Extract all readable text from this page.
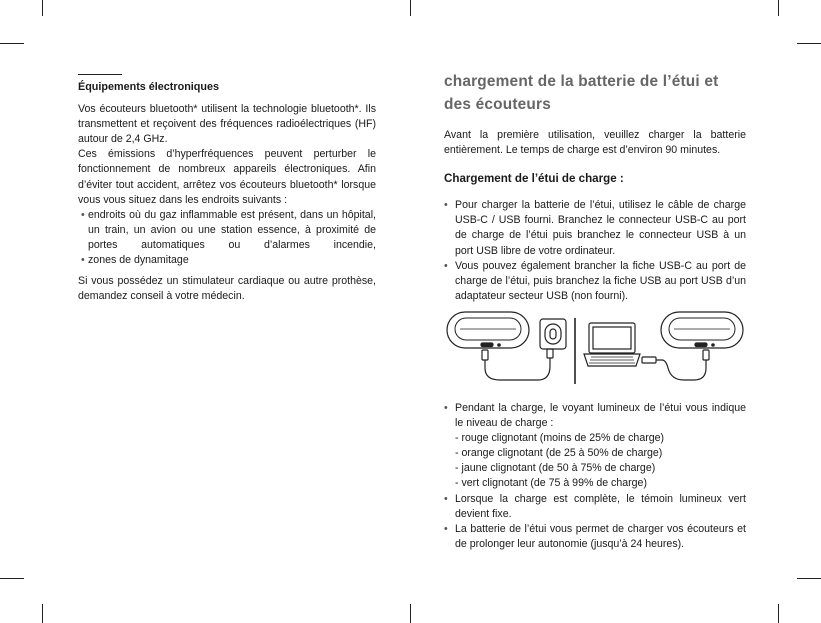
Équipements électroniques

Vos écouteurs bluetooth* utilisent la technologie bluetooth*. Ils transmettent et reçoivent des fréquences radioélectriques (HF) autour de 2,4 GHz.

Ces émissions d’hyperfréquences peuvent perturber le fonctionnement de nombreux appareils électroniques. Afin d’éviter tout accident, arrêtez vos écouteurs bluetooth* lorsque vous vous situez dans les endroits suivants :

• endroits où du gaz inflammable est présent, dans un hôpital, un train, un avion ou une station essence, à proximité de portes automatiques ou d’alarmes incendie,
• zones de dynamitage

Si vous possédez un stimulateur cardiaque ou autre prothèse, demandez conseil à votre médecin.

chargement de la batterie de l’étui et des écouteurs

Avant la première utilisation, veuillez charger la batterie entièrement. Le temps de charge est d’environ 90 minutes.

Chargement de l’étui de charge :
• Pour charger la batterie de l’étui, utilisez le câble de charge USB-C / USB fourni. Branchez le connecteur USB-C au port de charge de l’étui puis branchez le connecteur USB à un port USB libre de votre ordinateur.

• Vous pouvez également brancher la fiche USB-C au port de charge de l’étui, puis branchez la fiche USB au port USB d’un adaptateur secteur USB (non fourni).

• Pendant la charge, le voyant lumineux de l’étui vous indique le niveau de charge :

- rouge clignotant (moins de 25% de charge)
- orange clignotant (de 25 à 50% de charge)
- jaune clignotant (de 50 à 75% de charge)
- vert clignotant (de 75 à 99% de charge)
• Lorsque la charge est complète, le témoin lumineux vert devient fixe.

• La batterie de l’étui vous permet de charger vos écouteurs et de prolonger leur autonomie (jusqu’à 24 heures).
